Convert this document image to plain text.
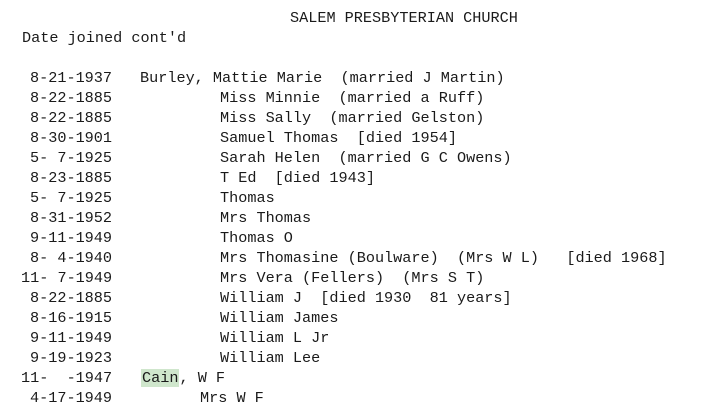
SALEM PRESBYTERIAN CHURCH
Date joined cont'd
8-21-1937 Burley, Mattie Marie  (married J Martin)
8-22-1885	Miss Minnie  (married a Ruff)
8-22-1885	Miss Sally  (married Gelston)
8-30-1901	Samuel Thomas  [died 1954]
5- 7-1925	Sarah Helen  (married G C Owens)
8-23-1885	T Ed  [died 1943]
5- 7-1925	Thomas
8-31-1952	Mrs Thomas
9-11-1949	Thomas O
8- 4-1940	Mrs Thomasine (Boulware)  (Mrs W L)   [died 1968]
11- 7-1949	Mrs Vera (Fellers)  (Mrs S T)
8-22-1885	William J  [died 1930  81 years]
8-16-1915	William James
9-11-1949	William L Jr
9-19-1923	William Lee
11-  -1947 Cain, W F
4-17-1949	Mrs W F
